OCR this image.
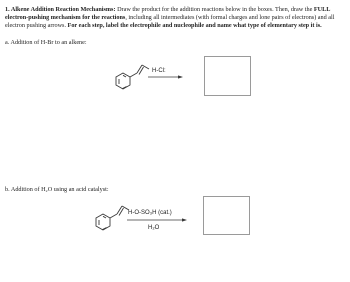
1. Alkene Addition Reaction Mechanisms: Draw the product for the addition reactions below in the boxes. Then, draw the FULL electron-pushing mechanism for the reactions, including all intermediates (with formal charges and lone pairs of electrons) and all electron pushing arrows. For each step, label the electrophile and nucleophile and name what type of elementary step it is.
a. Addition of H-Br to an alkene:
b. Addition of H₂O using an acid catalyst:
H-Cl:
H-O-SO₃H (cat.)
H₂O
